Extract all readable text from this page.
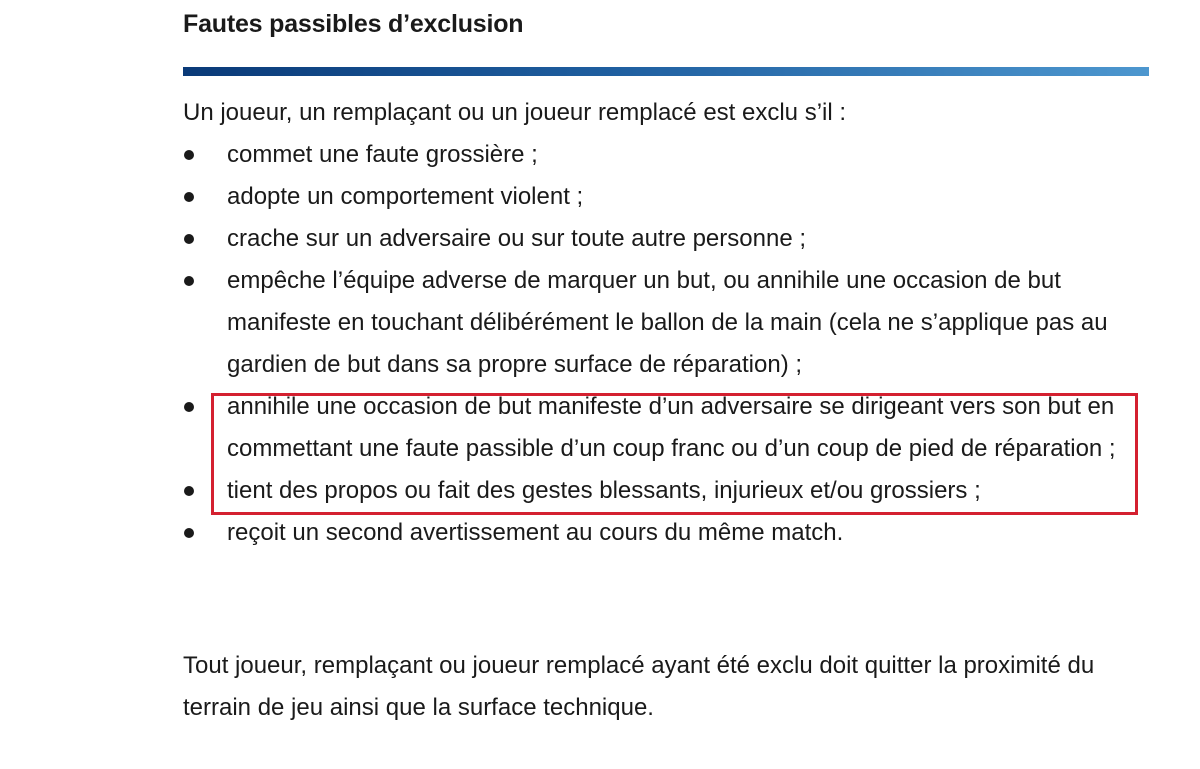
Fautes passibles d’exclusion

Un joueur, un remplaçant ou un joueur remplacé est exclu s’il :

commet une faute grossière ;
adopte un comportement violent ;
crache sur un adversaire ou sur toute autre personne ;
empêche l’équipe adverse de marquer un but, ou annihile une occasion de but manifeste en touchant délibérément le ballon de la main (cela ne s’applique pas au gardien de but dans sa propre surface de réparation) ;
annihile une occasion de but manifeste d’un adversaire se dirigeant vers son but en commettant une faute passible d’un coup franc ou d’un coup de pied de réparation ;
tient des propos ou fait des gestes blessants, injurieux et/ou grossiers ;
reçoit un second avertissement au cours du même match.

Tout joueur, remplaçant ou joueur remplacé ayant été exclu doit quitter la proximité du terrain de jeu ainsi que la surface technique.
